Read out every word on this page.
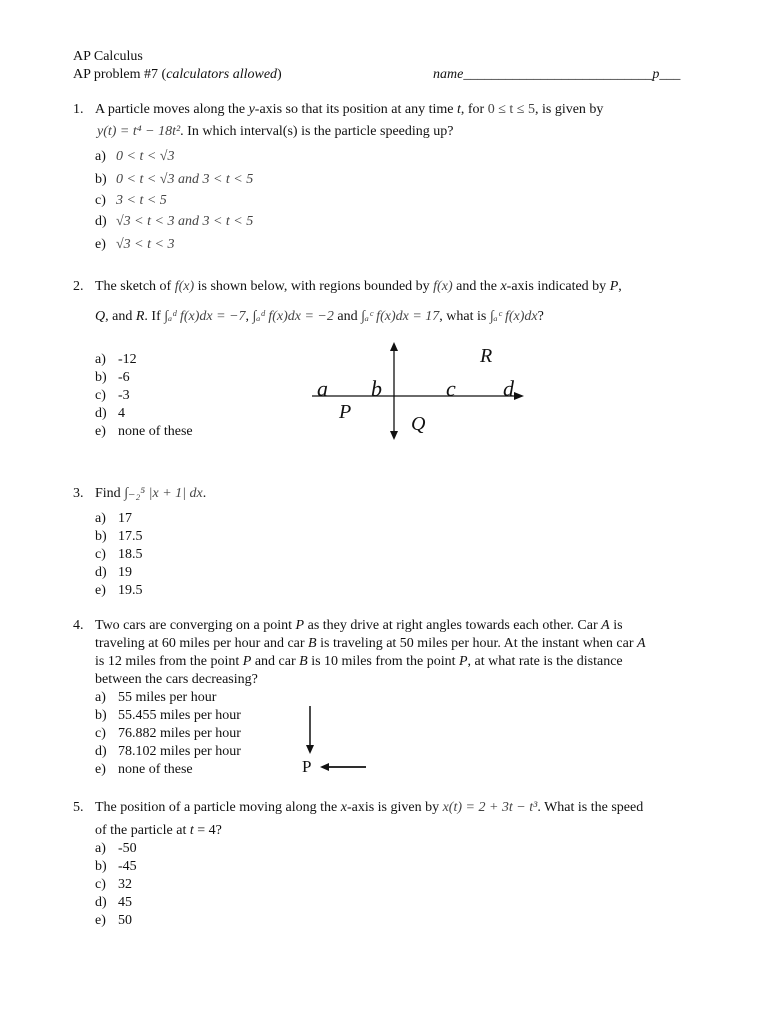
AP Calculus
AP problem #7 (calculators allowed)	name___________________________p___
1. A particle moves along the y-axis so that its position at any time t, for 0 ≤ t ≤ 5, is given by
y(t) = t⁴ − 18t². In which interval(s) is the particle speeding up?
a) 0 < t < √3
b) 0 < t < √3 and 3 < t < 5
c) 3 < t < 5
d) √3 < t < 3 and 3 < t < 5
e) √3 < t < 3
2. The sketch of f(x) is shown below, with regions bounded by f(x) and the x-axis indicated by P,
Q, and R. If ∫ₐᵈ f(x)dx = −7, ∫ₐᵈ f(x)dx = −2 and ∫ₐᶜ f(x)dx = 17, what is ∫ₐᶜ f(x)dx?
a) -12
b) -6
c) -3
d) 4
e) none of these
a b	c d
P
Q
R
3. Find ∫₋₂⁵ |x + 1| dx.
a) 17
b) 17.5
c) 18.5
d) 19
e) 19.5
4. Two cars are converging on a point P as they drive at right angles towards each other. Car A is
traveling at 60 miles per hour and car B is traveling at 50 miles per hour. At the instant when car A
is 12 miles from the point P and car B is 10 miles from the point P, at what rate is the distance
between the cars decreasing?
a) 55 miles per hour
b) 55.455 miles per hour
c) 76.882 miles per hour
d) 78.102 miles per hour
e) none of these	P
5. The position of a particle moving along the x-axis is given by x(t) = 2 + 3t − t³. What is the speed
of the particle at t = 4?
a) -50
b) -45
c) 32
d) 45
e) 50
